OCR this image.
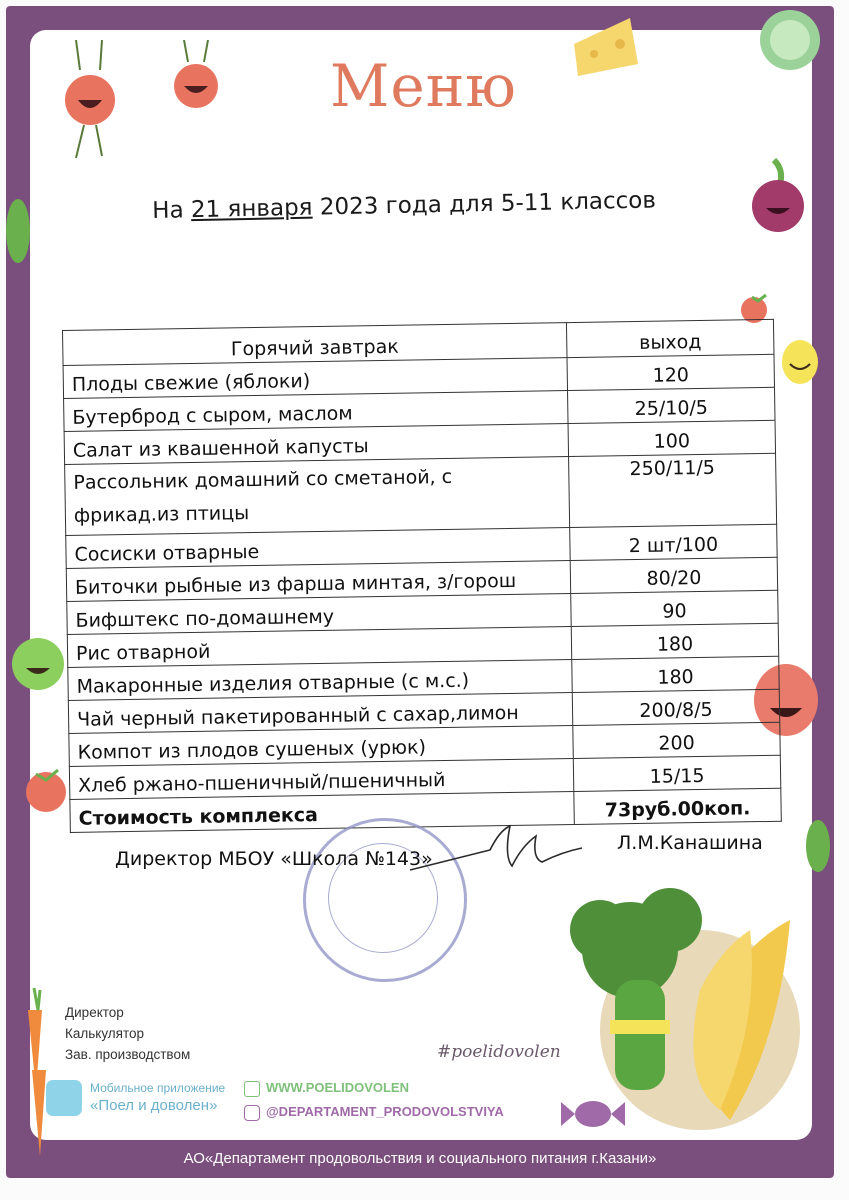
Меню
На 21 января 2023 года для 5-11 классов
Горячий завтрак	выход
Плоды свежие (яблоки)	120
Бутерброд с сыром, маслом	25/10/5
Салат из квашенной капусты	100
Рассольник домашний со сметаной, с фрикад.из птицы	250/11/5
Сосиски отварные	2 шт/100
Биточки рыбные из фарша минтая, з/горош	80/20
Бифштекс по-домашнему	90
Рис отварной	180
Макаронные изделия отварные (с м.с.)	180
Чай черный пакетированный с сахар,лимон	200/8/5
Компот из плодов сушеных (урюк)	200
Хлеб ржано-пшеничный/пшеничный	15/15
Стоимость комплекса	73руб.00коп.
Директор МБОУ «Школа №143»
Л.М.Канашина
Директор
Калькулятор
Зав. производством	#poelidovolen
Мобильное приложение
«Поел и доволен»
WWW.POELIDOVOLEN
@DEPARTAMENT_PRODOVOLSTVIYA
АО«Департамент продовольствия и социального питания г.Казани»
